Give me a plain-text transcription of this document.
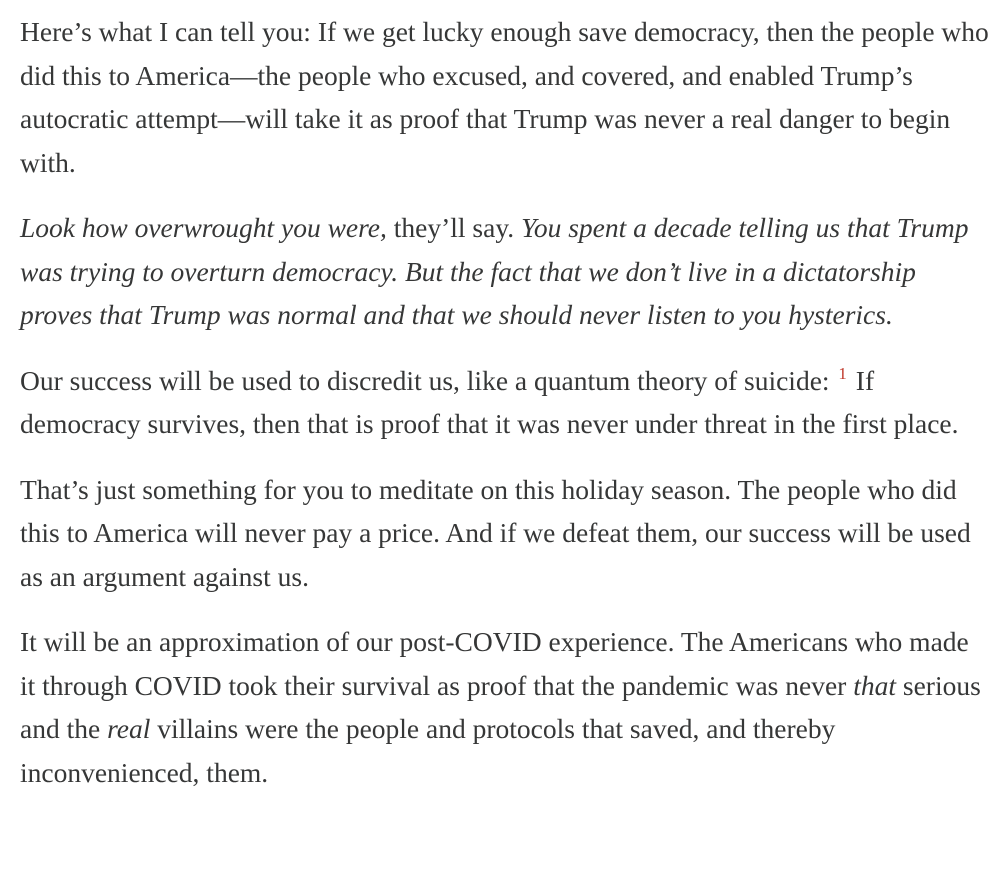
Here’s what I can tell you: If we get lucky enough save democracy, then the people who did this to America—the people who excused, and covered, and enabled Trump’s autocratic attempt—will take it as proof that Trump was never a real danger to begin with.

Look how overwrought you were, they’ll say. You spent a decade telling us that Trump was trying to overturn democracy. But the fact that we don’t live in a dictatorship proves that Trump was normal and that we should never listen to you hysterics.

Our success will be used to discredit us, like a quantum theory of suicide: $^1$ If democracy survives, then that is proof that it was never under threat in the first place.

That’s just something for you to meditate on this holiday season. The people who did this to America will never pay a price. And if we defeat them, our success will be used as an argument against us.

It will be an approximation of our post-COVID experience. The Americans who made it through COVID took their survival as proof that the pandemic was never that serious and the real villains were the people and protocols that saved, and thereby inconvenienced, them.
